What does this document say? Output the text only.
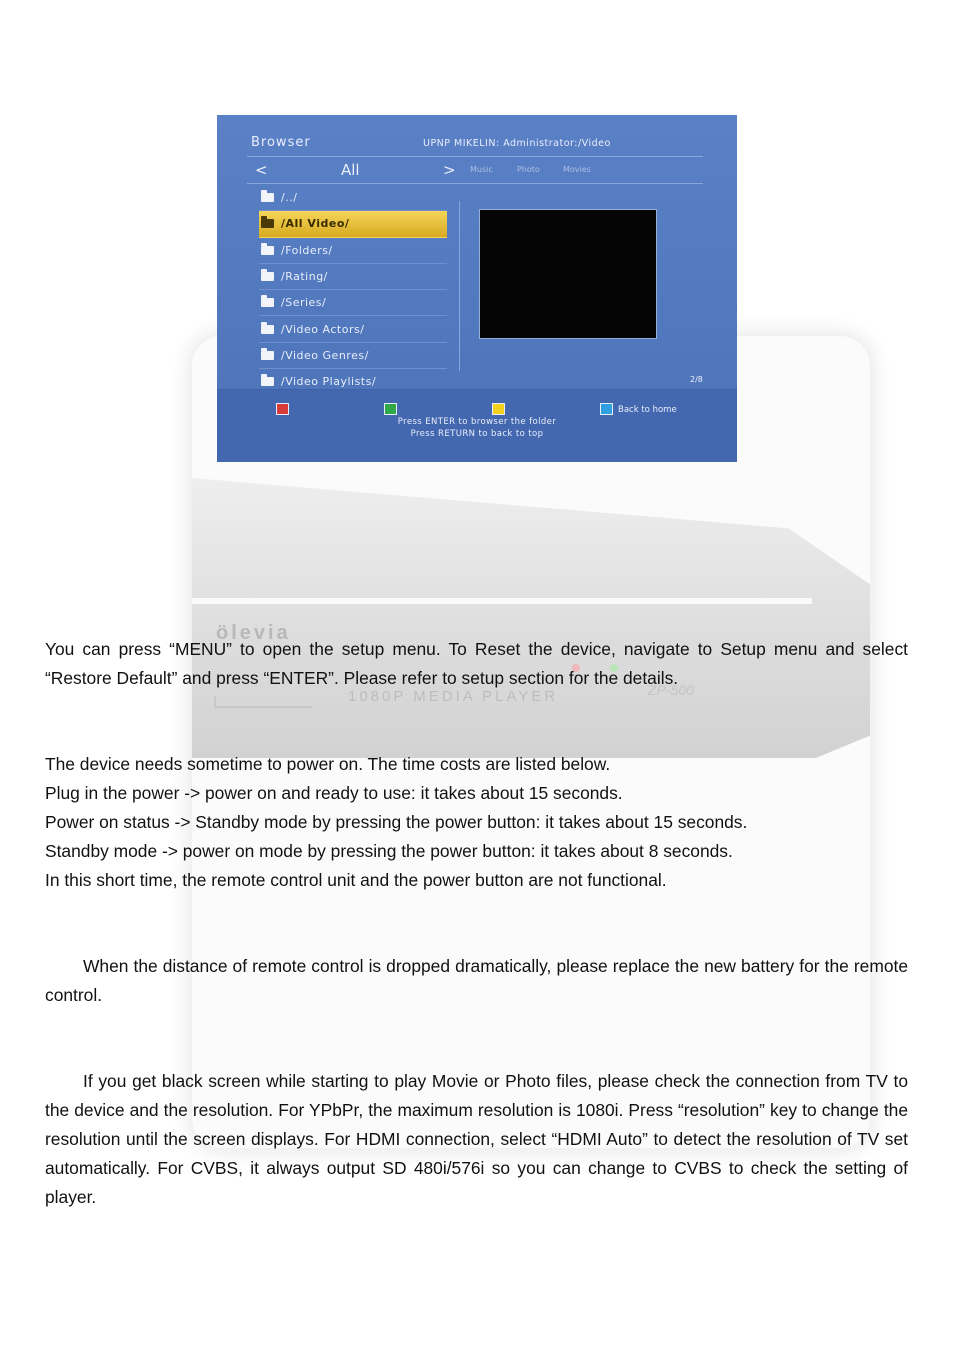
ölevia
1080P MEDIA PLAYER	ZP-500
Browser	UPNP MIKELIN: Administrator:/Video
<	All	> Music	Photo	Movies
/../
/All Video/
/Folders/
/Rating/
/Series/
/Video Actors/
/Video Genres/
/Video Playlists/	2/8
Back to home
Press ENTER to browser the folder
Press RETURN to back to top

You can press “MENU” to open the setup menu. To Reset the device, navigate to Setup menu and select “Restore Default” and press “ENTER”. Please refer to setup section for the details.

The device needs sometime to power on. The time costs are listed below.
Plug in the power -> power on and ready to use: it takes about 15 seconds.
Power on status -> Standby mode by pressing the power button: it takes about 15 seconds.
Standby mode -> power on mode by pressing the power button: it takes about 8 seconds.
In this short time, the remote control unit and the power button are not functional.

When the distance of remote control is dropped dramatically, please replace the new battery for the remote control.

If you get black screen while starting to play Movie or Photo files, please check the connection from TV to the device and the resolution. For YPbPr, the maximum resolution is 1080i. Press “resolution” key to change the resolution until the screen displays. For HDMI connection, select “HDMI Auto” to detect the resolution of TV set automatically. For CVBS, it always output SD 480i/576i so you can change to CVBS to check the setting of player.
